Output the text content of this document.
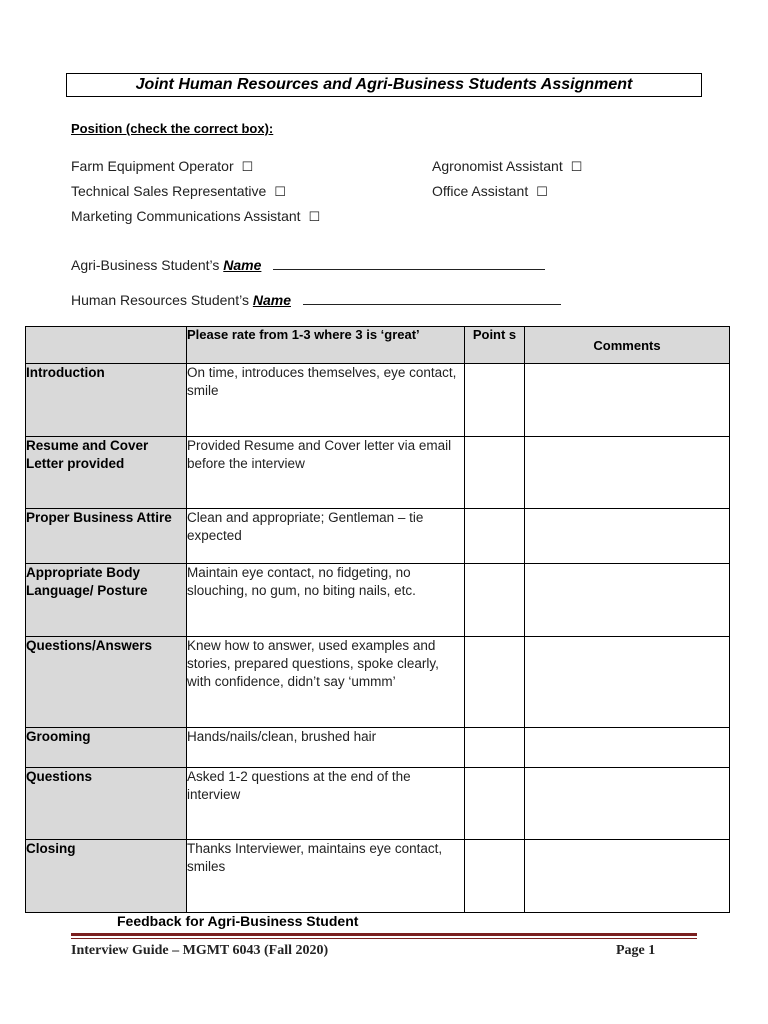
Joint Human Resources and Agri-Business Students Assignment
Position (check the correct box):
Farm Equipment Operator ☐	Agronomist Assistant ☐
Technical Sales Representative ☐	Office Assistant ☐
Marketing Communications Assistant ☐
Agri-Business Student’s Name
Human Resources Student’s Name
	Please rate from 1-3 where 3 is ‘great’	Point s	Comments
Introduction	On time, introduces themselves, eye contact, smile		
Resume and Cover Letter provided	Provided Resume and Cover letter via email before the interview		
Proper Business Attire	Clean and appropriate; Gentleman – tie expected		
Appropriate Body Language/ Posture	Maintain eye contact, no fidgeting, no slouching, no gum, no biting nails, etc.		
Questions/Answers	Knew how to answer, used examples and stories, prepared questions, spoke clearly, with confidence, didn’t say ‘ummm’		
Grooming	Hands/nails/clean, brushed hair		
Questions	Asked 1-2 questions at the end of the interview		
Closing	Thanks Interviewer, maintains eye contact, smiles		
Feedback for Agri-Business Student
Interview Guide – MGMT 6043 (Fall 2020)	Page 1
